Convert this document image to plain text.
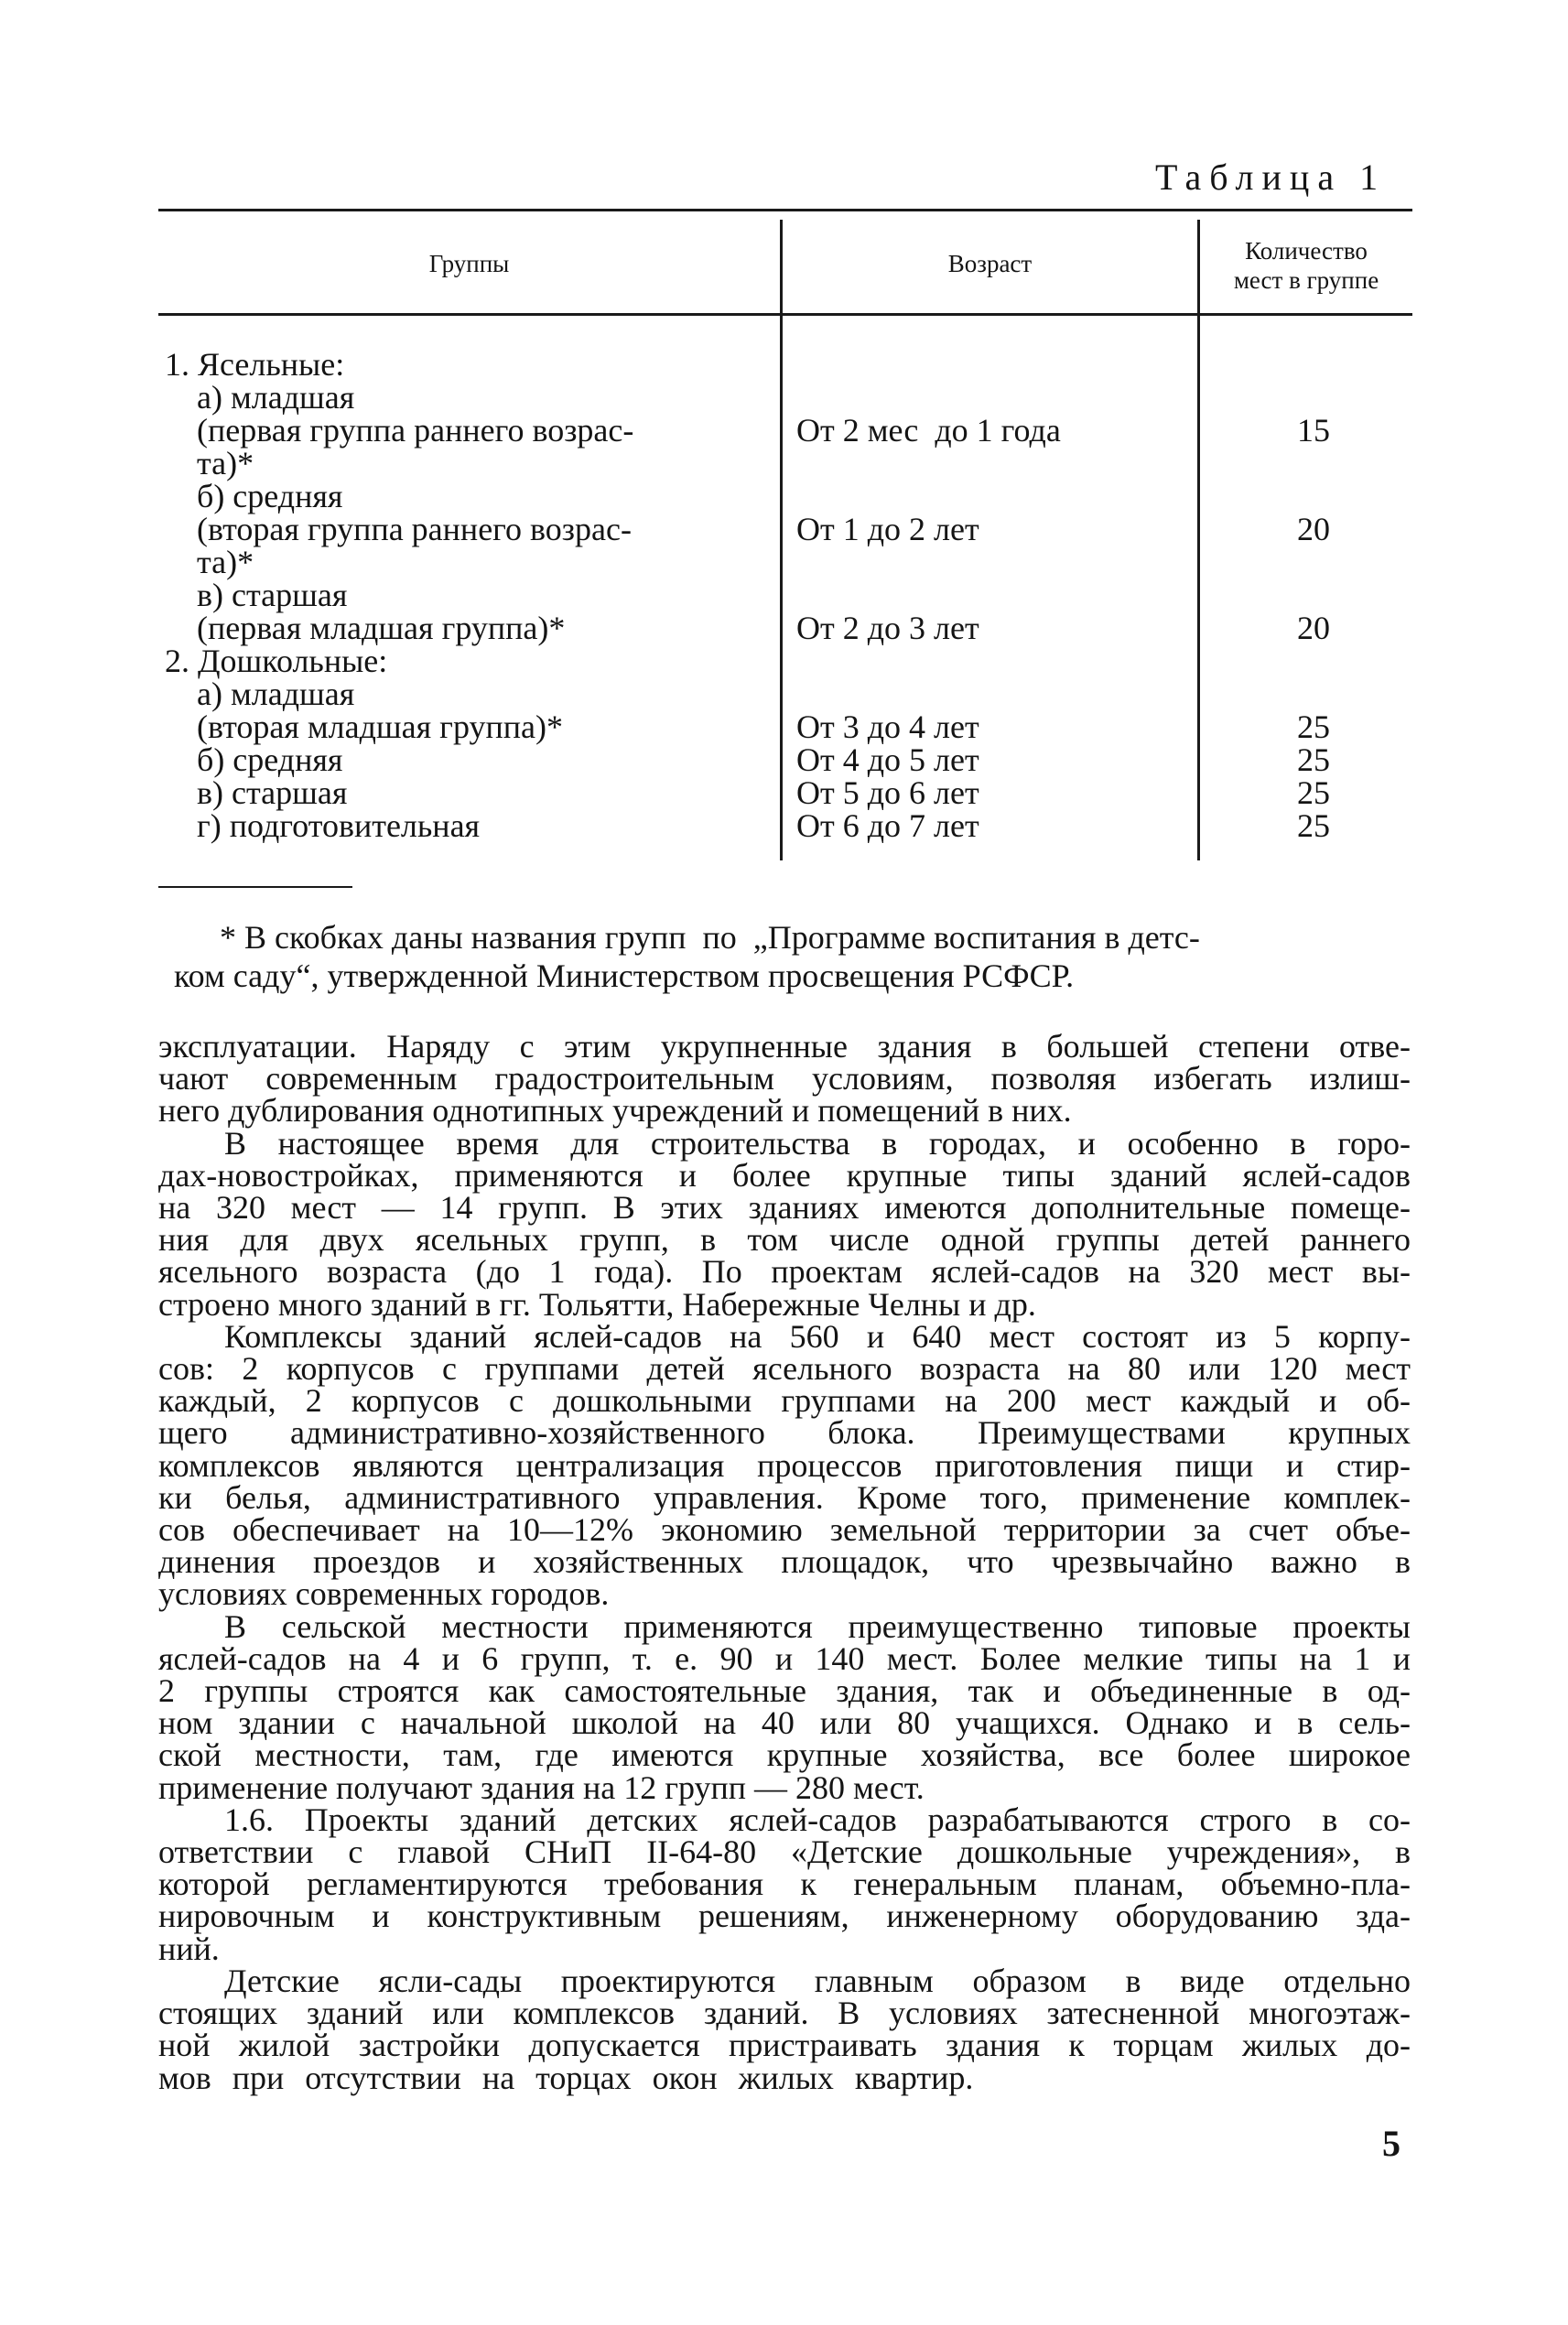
Таблица 1
Группы	Возраст	Количество
мест в группе
1. Ясельные:
а) младшая
(первая группа раннего возрас-	От 2 мес  до 1 года	15
та)*
б) средняя
(вторая группа раннего возрас-	От 1 до 2 лет	20
та)*
в) старшая
(первая младшая группа)*	От 2 до 3 лет	20
2. Дошкольные:
а) младшая
(вторая младшая группа)*	От 3 до 4 лет	25
б) средняя	От 4 до 5 лет	25
в) старшая	От 5 до 6 лет	25
г) подготовительная	От 6 до 7 лет	25
* В скобках даны названия групп  по  „Программе воспитания в детс-
ком саду“, утвержденной Министерством просвещения РСФСР.
эксплуатации. Наряду с этим укрупненные здания в большей степени отве-
чают современным градостроительным условиям, позволяя избегать излиш-
него дублирования однотипных учреждений и помещений в них.
В настоящее время для строительства в городах, и особенно в горо-
дах-новостройках, применяются и более крупные типы зданий яслей-садов
на 320 мест — 14 групп. В этих зданиях имеются дополнительные помеще-
ния для двух ясельных групп, в том числе одной группы детей раннего
ясельного возраста (до 1 года). По проектам яслей-садов на 320 мест вы-
строено много зданий в гг. Тольятти, Набережные Челны и др.
Комплексы зданий яслей-садов на 560 и 640 мест состоят из 5 корпу-
сов: 2 корпусов с группами детей ясельного возраста на 80 или 120 мест
каждый, 2 корпусов с дошкольными группами на 200 мест каждый и об-
щего административно-хозяйственного блока. Преимуществами крупных
комплексов являются централизация процессов приготовления пищи и стир-
ки белья, административного управления. Кроме того, применение комплек-
сов обеспечивает на 10—12% экономию земельной территории за счет объе-
динения проездов и хозяйственных площадок, что чрезвычайно важно в
условиях современных городов.
В сельской местности применяются преимущественно типовые проекты
яслей-садов на 4 и 6 групп, т. е. 90 и 140 мест. Более мелкие типы на 1 и
2 группы строятся как самостоятельные здания, так и объединенные в од-
ном здании с начальной школой на 40 или 80 учащихся. Однако и в сель-
ской местности, там, где имеются крупные хозяйства, все более широкое
применение получают здания на 12 групп — 280 мест.
1.6. Проекты зданий детских яслей-садов разрабатываются строго в со-
ответствии с главой СНиП II-64-80 «Детские дошкольные учреждения», в
которой регламентируются требования к генеральным планам, объемно-пла-
нировочным и конструктивным решениям, инженерному оборудованию зда-
ний.
Детские ясли-сады проектируются главным образом в виде отдельно
стоящих зданий или комплексов зданий. В условиях затесненной многоэтаж-
ной жилой застройки допускается пристраивать здания к торцам жилых до-
мов при отсутствии на торцах окон жилых квартир.
5
